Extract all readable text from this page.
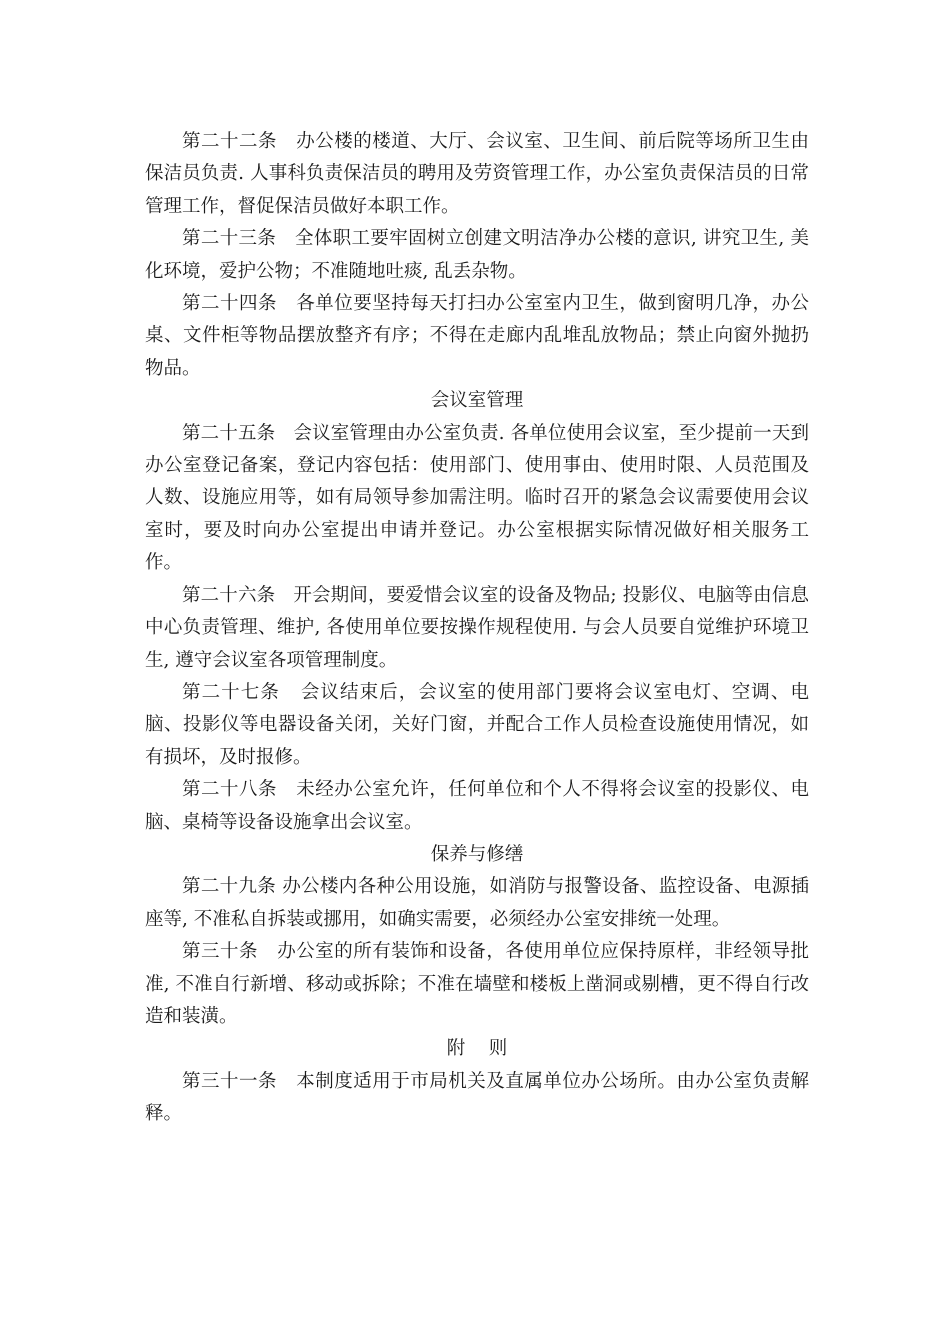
第二十二条 办公楼的楼道、大厅、会议室、卫生间、前后院等场所卫生由保洁员负责. 人事科负责保洁员的聘用及劳资管理工作，办公室负责保洁员的日常管理工作，督促保洁员做好本职工作。

第二十三条 全体职工要牢固树立创建文明洁净办公楼的意识, 讲究卫生, 美化环境，爱护公物；不准随地吐痰, 乱丢杂物。

第二十四条 各单位要坚持每天打扫办公室室内卫生，做到窗明几净，办公桌、文件柜等物品摆放整齐有序；不得在走廊内乱堆乱放物品；禁止向窗外抛扔物品。

会议室管理

第二十五条 会议室管理由办公室负责. 各单位使用会议室，至少提前一天到办公室登记备案，登记内容包括：使用部门、使用事由、使用时限、人员范围及人数、设施应用等，如有局领导参加需注明。临时召开的紧急会议需要使用会议室时，要及时向办公室提出申请并登记。办公室根据实际情况做好相关服务工作。

第二十六条 开会期间，要爱惜会议室的设备及物品; 投影仪、电脑等由信息中心负责管理、维护, 各使用单位要按操作规程使用. 与会人员要自觉维护环境卫生, 遵守会议室各项管理制度。

第二十七条 会议结束后，会议室的使用部门要将会议室电灯、空调、电脑、投影仪等电器设备关闭，关好门窗，并配合工作人员检查设施使用情况，如有损坏，及时报修。

第二十八条 未经办公室允许，任何单位和个人不得将会议室的投影仪、电脑、桌椅等设备设施拿出会议室。

保养与修缮

第二十九条 办公楼内各种公用设施，如消防与报警设备、监控设备、电源插座等, 不准私自拆装或挪用，如确实需要，必须经办公室安排统一处理。

第三十条 办公室的所有装饰和设备，各使用单位应保持原样，非经领导批准, 不准自行新增、移动或拆除；不准在墙壁和楼板上凿洞或剔槽，更不得自行改造和装潢。

附    则

第三十一条 本制度适用于市局机关及直属单位办公场所。由办公室负责解释。
